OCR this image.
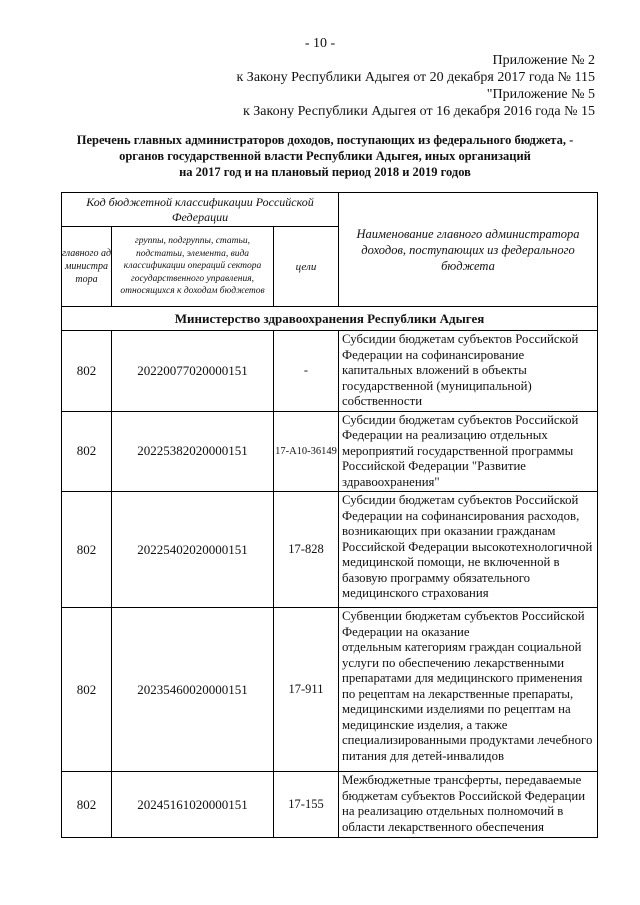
- 10 -
Приложение № 2
к Закону Республики Адыгея от 20 декабря 2017 года № 115
"Приложение № 5
к Закону Республики Адыгея от 16 декабря 2016 года № 15
Перечень главных администраторов доходов, поступающих из федерального бюджета, -
органов государственной власти Республики Адыгея, иных организаций
на 2017 год и на плановый период 2018 и 2019 годов
Код бюджетной классификации Российской Федерации			Наименование главного администратора доходов, поступающих из федерального бюджета
главного администратора	группы, подгруппы, статьи, подстатьи, элемента, вида классификации операций сектора государственного управления, относящихся к доходам бюджетов	цели	
Министерство здравоохранения Республики Адыгея			
802	20220077020000151	-	Субсидии бюджетам субъектов Российской Федерации на софинансирование капитальных вложений в объекты государственной (муниципальной) собственности
802	20225382020000151	17-А10-36149	Субсидии бюджетам субъектов Российской Федерации на реализацию отдельных мероприятий государственной программы Российской Федерации "Развитие здравоохранения"
802	20225402020000151	17-828	Субсидии бюджетам субъектов Российской Федерации на софинансирования расходов, возникающих при оказании гражданам Российской Федерации высокотехнологичной медицинской помощи, не включенной в базовую программу обязательного медицинского страхования
802	20235460020000151	17-911	Субвенции бюджетам субъектов Российской Федерации на оказание
отдельным категориям граждан социальной услуги по обеспечению лекарственными препаратами для медицинского применения по рецептам на лекарственные препараты, медицинскими изделиями по рецептам на медицинские изделия, а также специализированными продуктами лечебного питания для детей-инвалидов

802	20245161020000151	17-155	Межбюджетные трансферты, передаваемые бюджетам субъектов Российской Федерации на реализацию отдельных полномочий в области лекарственного обеспечения
